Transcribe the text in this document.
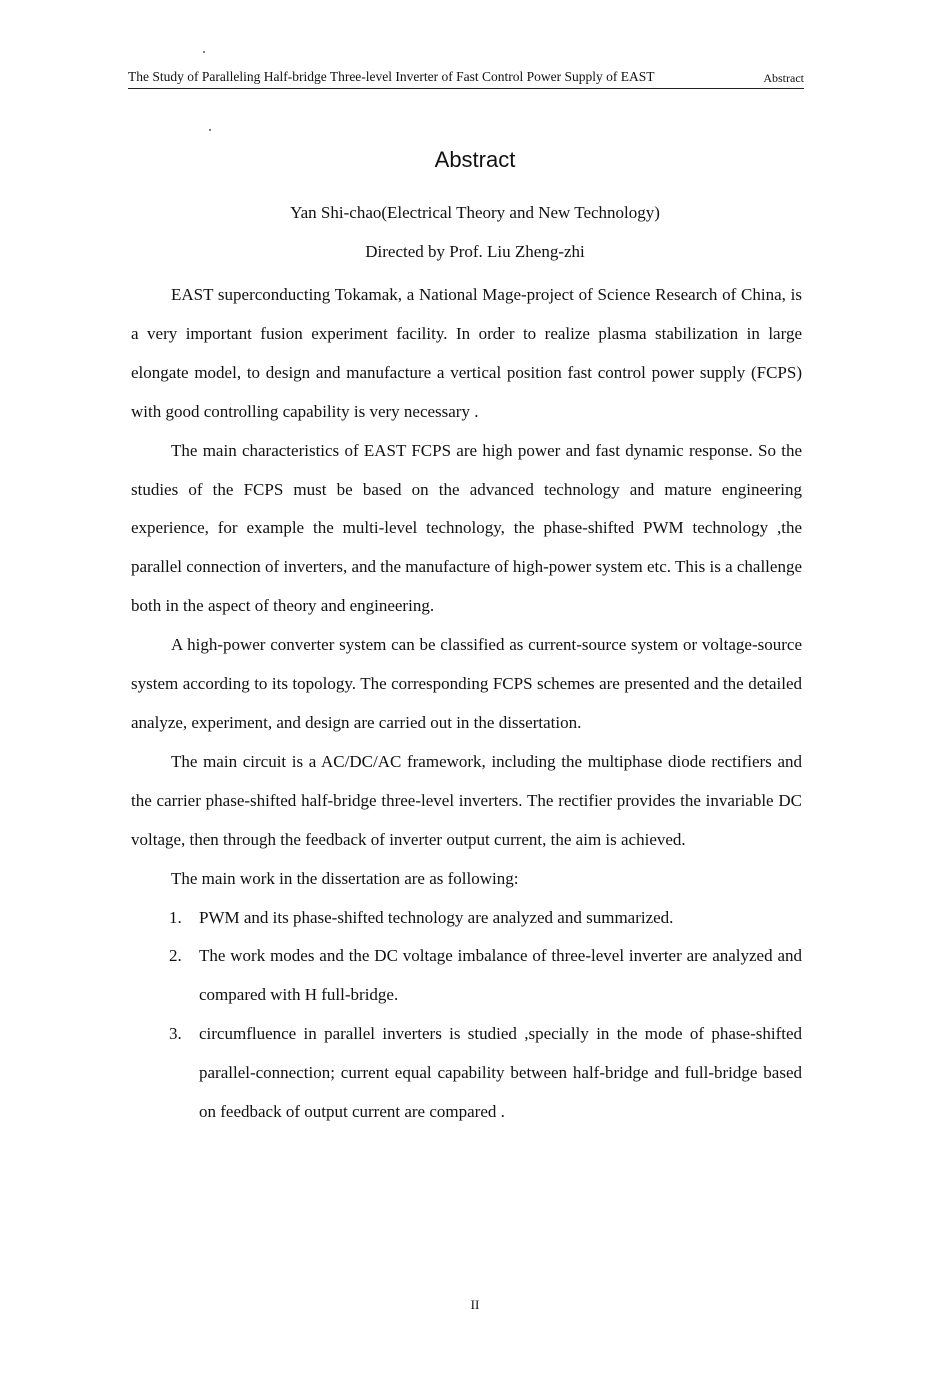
The Study of Paralleling Half-bridge Three-level Inverter of Fast Control Power Supply of EAST	Abstract
Abstract
Yan Shi-chao(Electrical Theory and New Technology)
Directed by Prof. Liu Zheng-zhi

EAST superconducting Tokamak, a National Mage-project of Science Research of China, is a very important fusion experiment facility. In order to realize plasma stabilization in large elongate model, to design and manufacture a vertical position fast control power supply (FCPS) with good controlling capability is very necessary .

The main characteristics of EAST FCPS are high power and fast dynamic response. So the studies of the FCPS must be based on the advanced technology and mature engineering experience, for example the multi-level technology, the phase-shifted PWM technology ,the parallel connection of inverters, and the manufacture of high-power system etc. This is a challenge both in the aspect of theory and engineering.

A high-power converter system can be classified as current-source system or voltage-source system according to its topology. The corresponding FCPS schemes are presented and the detailed analyze, experiment, and design are carried out in the dissertation.

The main circuit is a AC/DC/AC framework, including the multiphase diode rectifiers and the carrier phase-shifted half-bridge three-level inverters. The rectifier provides the invariable DC voltage, then through the feedback of inverter output current, the aim is achieved.

The main work in the dissertation are as following:

1. PWM and its phase-shifted technology are analyzed and summarized.
2. The work modes and the DC voltage imbalance of three-level inverter are analyzed and compared with H full-bridge.
3. circumfluence in parallel inverters is studied ,specially in the mode of phase-shifted parallel-connection; current equal capability between half-bridge and full-bridge based on feedback of output current are compared .
II
